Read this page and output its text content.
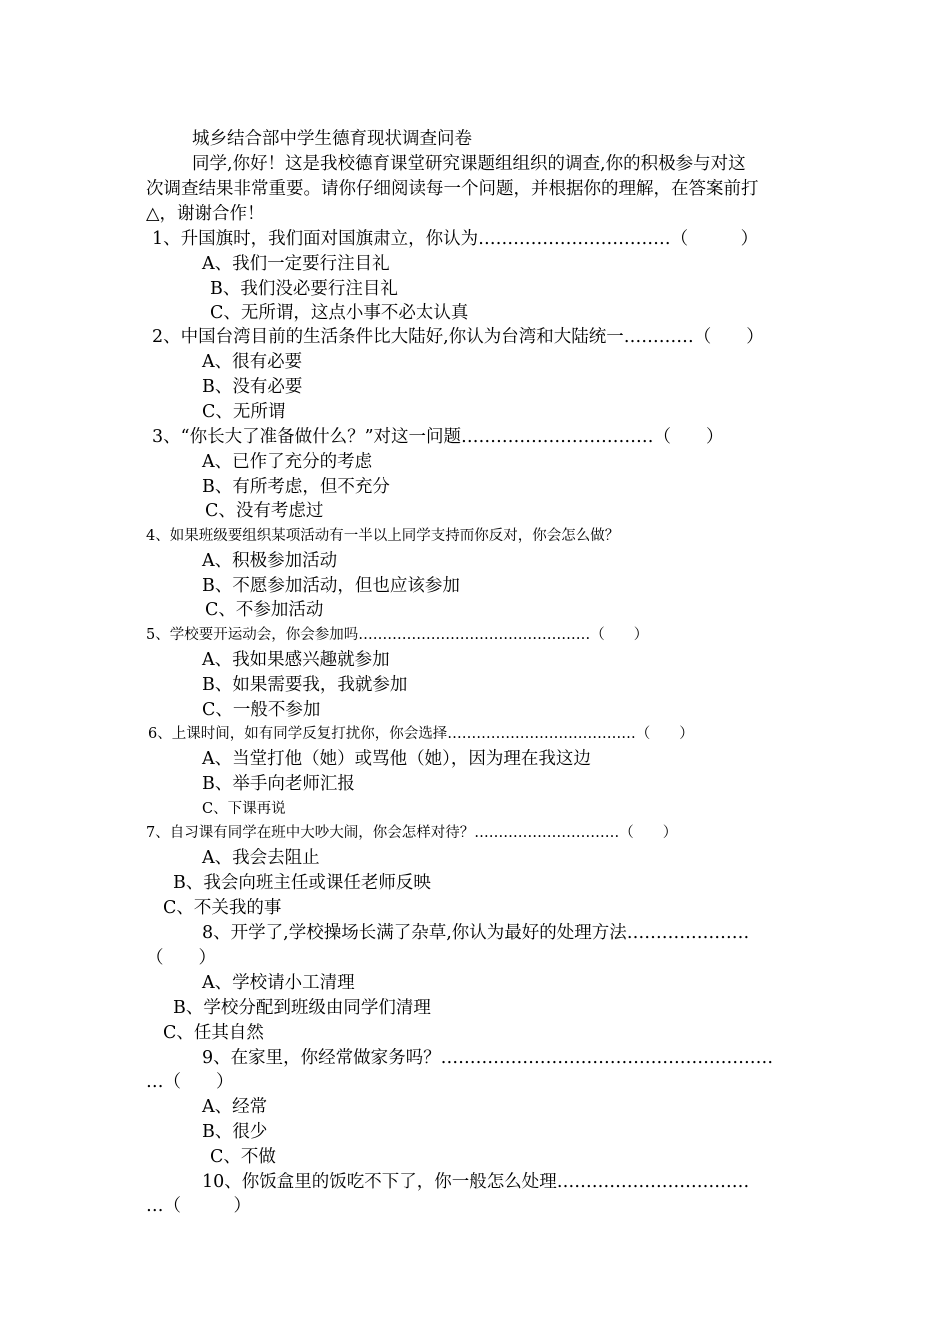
城乡结合部中学生德育现状调查问卷
同学,你好！这是我校德育课堂研究课题组组织的调查,你的积极参与对这
次调查结果非常重要。请你仔细阅读每一个问题，并根据你的理解，在答案前打
△，谢谢合作！
1、升国旗时，我们面对国旗肃立，你认为……………………………（　　　）
A、我们一定要行注目礼
B、我们没必要行注目礼
C、无所谓，这点小事不必太认真
2、中国台湾目前的生活条件比大陆好,你认为台湾和大陆统一…………（　　）
A、很有必要
B、没有必要
C、无所谓
3、“你长大了准备做什么？”对这一问题……………………………（　　）
A、已作了充分的考虑
B、有所考虑，但不充分
C、没有考虑过
4、如果班级要组织某项活动有一半以上同学支持而你反对，你会怎么做？
A、积极参加活动
B、不愿参加活动，但也应该参加
C、不参加活动
5、学校要开运动会，你会参加吗…………………………………………（　　）
A、我如果感兴趣就参加
B、如果需要我，我就参加
C、一般不参加
6、上课时间，如有同学反复打扰你，你会选择…………………………………（　　）
A、当堂打他（她）或骂他（她），因为理在我这边
B、举手向老师汇报
C、下课再说
7、自习课有同学在班中大吵大闹，你会怎样对待？…………………………（　　）
A、我会去阻止
B、我会向班主任或课任老师反映
C、不关我的事
8、开学了,学校操场长满了杂草,你认为最好的处理方法…………………
（　　）
A、学校请小工清理
B、学校分配到班级由同学们清理
C、任其自然
9、在家里，你经常做家务吗？…………………………………………………
…（　　）
A、经常
B、很少
C、不做
10、你饭盒里的饭吃不下了，你一般怎么处理……………………………
…（　　　）
